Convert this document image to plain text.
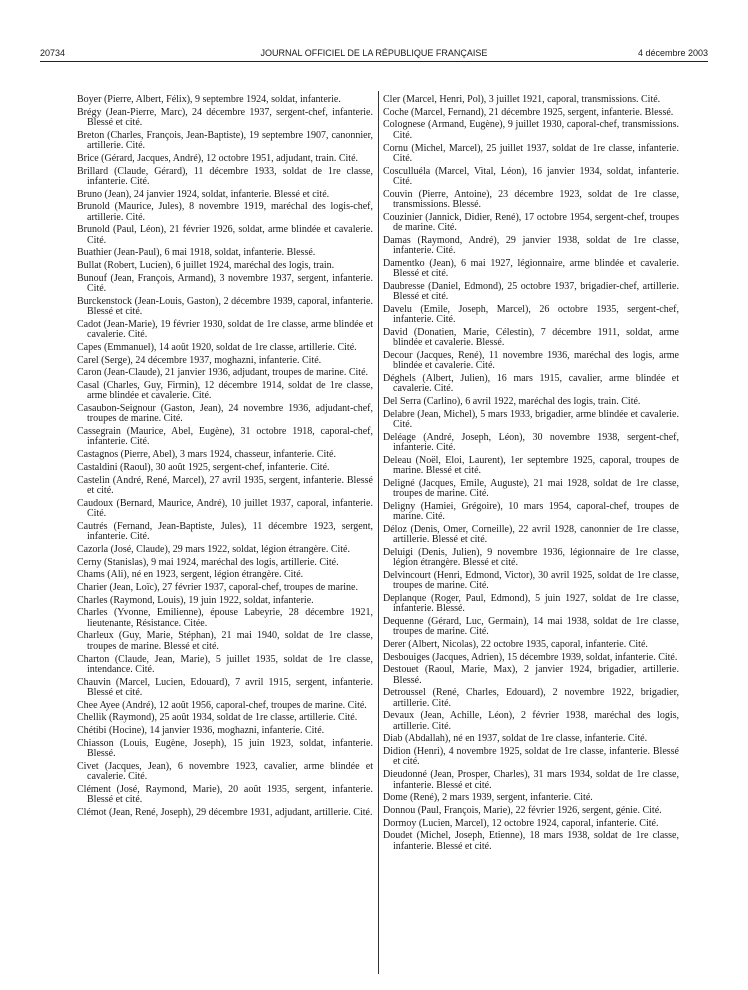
20734	JOURNAL OFFICIEL DE LA RÉPUBLIQUE FRANÇAISE	4 décembre 2003

Boyer (Pierre, Albert, Félix), 9 septembre 1924, soldat, infanterie.

Brégy (Jean-Pierre, Marc), 24 décembre 1937, sergent-chef, infanterie. Blessé et cité.

Breton (Charles, François, Jean-Baptiste), 19 septembre 1907, canonnier, artillerie. Cité.

Brice (Gérard, Jacques, André), 12 octobre 1951, adjudant, train. Cité.

Brillard (Claude, Gérard), 11 décembre 1933, soldat de 1re classe, infanterie. Cité.

Bruno (Jean), 24 janvier 1924, soldat, infanterie. Blessé et cité.

Brunold (Maurice, Jules), 8 novembre 1919, maréchal des logis-chef, artillerie. Cité.

Brunold (Paul, Léon), 21 février 1926, soldat, arme blindée et cavalerie. Cité.

Buathier (Jean-Paul), 6 mai 1918, soldat, infanterie. Blessé.

Bullat (Robert, Lucien), 6 juillet 1924, maréchal des logis, train.

Bunouf (Jean, François, Armand), 3 novembre 1937, sergent, infanterie. Cité.

Burckenstock (Jean-Louis, Gaston), 2 décembre 1939, caporal, infanterie. Blessé et cité.

Cadot (Jean-Marie), 19 février 1930, soldat de 1re classe, arme blindée et cavalerie. Cité.

Capes (Emmanuel), 14 août 1920, soldat de 1re classe, artillerie. Cité.

Carel (Serge), 24 décembre 1937, moghazni, infanterie. Cité.

Caron (Jean-Claude), 21 janvier 1936, adjudant, troupes de marine. Cité.

Casal (Charles, Guy, Firmin), 12 décembre 1914, soldat de 1re classe, arme blindée et cavalerie. Cité.

Casaubon-Seignour (Gaston, Jean), 24 novembre 1936, adjudant-chef, troupes de marine. Cité.

Cassegrain (Maurice, Abel, Eugène), 31 octobre 1918, caporal-chef, infanterie. Cité.

Castagnos (Pierre, Abel), 3 mars 1924, chasseur, infanterie. Cité.

Castaldini (Raoul), 30 août 1925, sergent-chef, infanterie. Cité.

Castelin (André, René, Marcel), 27 avril 1935, sergent, infanterie. Blessé et cité.

Caudoux (Bernard, Maurice, André), 10 juillet 1937, caporal, infanterie. Cité.

Cautrés (Fernand, Jean-Baptiste, Jules), 11 décembre 1923, sergent, infanterie. Cité.

Cazorla (José, Claude), 29 mars 1922, soldat, légion étrangère. Cité.

Cerny (Stanislas), 9 mai 1924, maréchal des logis, artillerie. Cité.

Chams (Ali), né en 1923, sergent, légion étrangère. Cité.

Charier (Jean, Loïc), 27 février 1937, caporal-chef, troupes de marine.

Charles (Raymond, Louis), 19 juin 1922, soldat, infanterie.

Charles (Yvonne, Emilienne), épouse Labeyrie, 28 décembre 1921, lieutenante, Résistance. Citée.

Charleux (Guy, Marie, Stéphan), 21 mai 1940, soldat de 1re classe, troupes de marine. Blessé et cité.

Charton (Claude, Jean, Marie), 5 juillet 1935, soldat de 1re classe, intendance. Cité.

Chauvin (Marcel, Lucien, Edouard), 7 avril 1915, sergent, infanterie. Blessé et cité.

Chee Ayee (André), 12 août 1956, caporal-chef, troupes de marine. Cité.

Chellik (Raymond), 25 août 1934, soldat de 1re classe, artillerie. Cité.

Chétibi (Hocine), 14 janvier 1936, moghazni, infanterie. Cité.

Chiasson (Louis, Eugène, Joseph), 15 juin 1923, soldat, infanterie. Blessé.

Civet (Jacques, Jean), 6 novembre 1923, cavalier, arme blindée et cavalerie. Cité.

Clément (José, Raymond, Marie), 20 août 1935, sergent, infanterie. Blessé et cité.

Clémot (Jean, René, Joseph), 29 décembre 1931, adjudant, artillerie. Cité.

Cler (Marcel, Henri, Pol), 3 juillet 1921, caporal, transmissions. Cité.

Coche (Marcel, Fernand), 21 décembre 1925, sergent, infanterie. Blessé.

Colognese (Armand, Eugène), 9 juillet 1930, caporal-chef, transmissions. Cité.

Cornu (Michel, Marcel), 25 juillet 1937, soldat de 1re classe, infanterie. Cité.

Cosculluéla (Marcel, Vital, Léon), 16 janvier 1934, soldat, infanterie. Cité.

Couvin (Pierre, Antoine), 23 décembre 1923, soldat de 1re classe, transmissions. Blessé.

Couzinier (Jannick, Didier, René), 17 octobre 1954, sergent-chef, troupes de marine. Cité.

Damas (Raymond, André), 29 janvier 1938, soldat de 1re classe, infanterie. Cité.

Damentko (Jean), 6 mai 1927, légionnaire, arme blindée et cavalerie. Blessé et cité.

Daubresse (Daniel, Edmond), 25 octobre 1937, brigadier-chef, artillerie. Blessé et cité.

Davelu (Emile, Joseph, Marcel), 26 octobre 1935, sergent-chef, infanterie. Cité.

David (Donatien, Marie, Célestin), 7 décembre 1911, soldat, arme blindée et cavalerie. Blessé.

Decour (Jacques, René), 11 novembre 1936, maréchal des logis, arme blindée et cavalerie. Cité.

Déghels (Albert, Julien), 16 mars 1915, cavalier, arme blindée et cavalerie. Cité.

Del Serra (Carlino), 6 avril 1922, maréchal des logis, train. Cité.

Delabre (Jean, Michel), 5 mars 1933, brigadier, arme blindée et cavalerie. Cité.

Deléage (André, Joseph, Léon), 30 novembre 1938, sergent-chef, infanterie. Cité.

Deleau (Noël, Eloi, Laurent), 1er septembre 1925, caporal, troupes de marine. Blessé et cité.

Deligné (Jacques, Emile, Auguste), 21 mai 1928, soldat de 1re classe, troupes de marine. Cité.

Deligny (Hamiei, Grégoire), 10 mars 1954, caporal-chef, troupes de marine. Cité.

Déloz (Denis, Omer, Corneille), 22 avril 1928, canonnier de 1re classe, artillerie. Blessé et cité.

Deluigi (Denis, Julien), 9 novembre 1936, légionnaire de 1re classe, légion étrangère. Blessé et cité.

Delvincourt (Henri, Edmond, Victor), 30 avril 1925, soldat de 1re classe, troupes de marine. Cité.

Deplanque (Roger, Paul, Edmond), 5 juin 1927, soldat de 1re classe, infanterie. Blessé.

Dequenne (Gérard, Luc, Germain), 14 mai 1938, soldat de 1re classe, troupes de marine. Cité.

Derer (Albert, Nicolas), 22 octobre 1935, caporal, infanterie. Cité.

Desbouiges (Jacques, Adrien), 15 décembre 1939, soldat, infanterie. Cité.

Destouet (Raoul, Marie, Max), 2 janvier 1924, brigadier, artillerie. Blessé.

Detroussel (René, Charles, Edouard), 2 novembre 1922, brigadier, artillerie. Cité.

Devaux (Jean, Achille, Léon), 2 février 1938, maréchal des logis, artillerie. Cité.

Diab (Abdallah), né en 1937, soldat de 1re classe, infanterie. Cité.

Didion (Henri), 4 novembre 1925, soldat de 1re classe, infanterie. Blessé et cité.

Dieudonné (Jean, Prosper, Charles), 31 mars 1934, soldat de 1re classe, infanterie. Blessé et cité.

Dome (René), 2 mars 1939, sergent, infanterie. Cité.

Donnou (Paul, François, Marie), 22 février 1926, sergent, génie. Cité.

Dormoy (Lucien, Marcel), 12 octobre 1924, caporal, infanterie. Cité.

Doudet (Michel, Joseph, Etienne), 18 mars 1938, soldat de 1re classe, infanterie. Blessé et cité.
